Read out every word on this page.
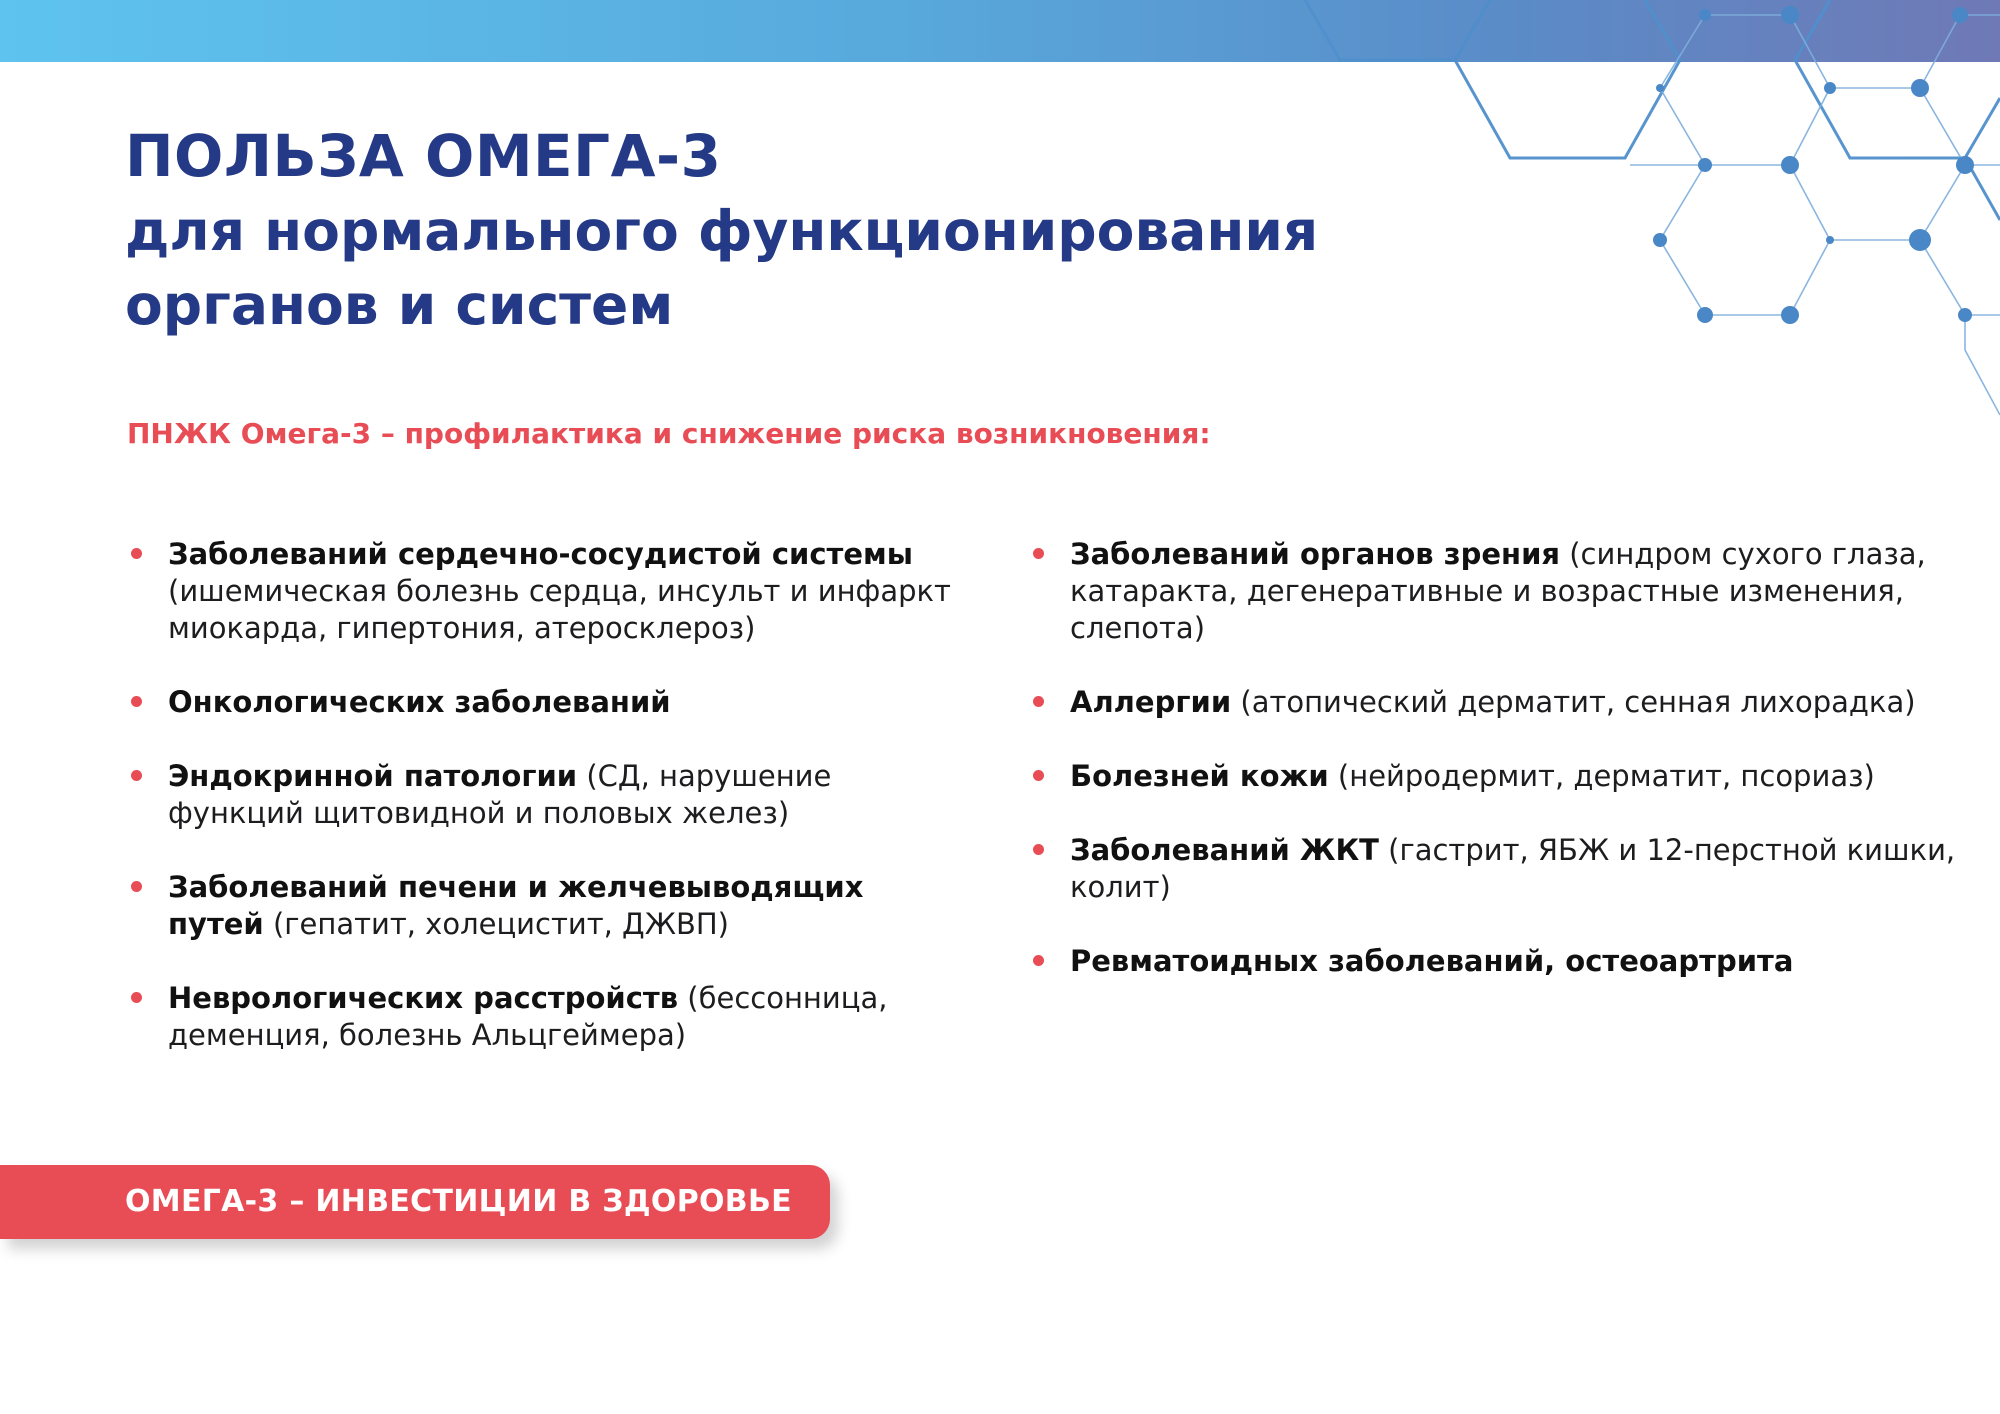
ПОЛЬЗА ОМЕГА-3
для нормального функционирования
органов и систем
ПНЖК Омега-3 – профилактика и снижение риска возникновения:
Заболеваний сердечно-сосудистой системы (ишемическая болезнь сердца, инсульт и инфаркт миокарда, гипертония, атеросклероз)
Онкологических заболеваний
Эндокринной патологии (СД, нарушение функций щитовидной и половых желез)
Заболеваний печени и желчевыводящих путей (гепатит, холецистит, ДЖВП)
Неврологических расстройств (бессонница, деменция, болезнь Альцгеймера)
Заболеваний органов зрения (синдром сухого глаза, катаракта, дегенеративные и возрастные изменения, слепота)
Аллергии (атопический дерматит, сенная лихорадка)
Болезней кожи (нейродермит, дерматит, псориаз)
Заболеваний ЖКТ (гастрит, ЯБЖ и 12-перстной кишки, колит)
Ревматоидных заболеваний, остеоартрита
ОМЕГА-3 – ИНВЕСТИЦИИ В ЗДОРОВЬЕ
